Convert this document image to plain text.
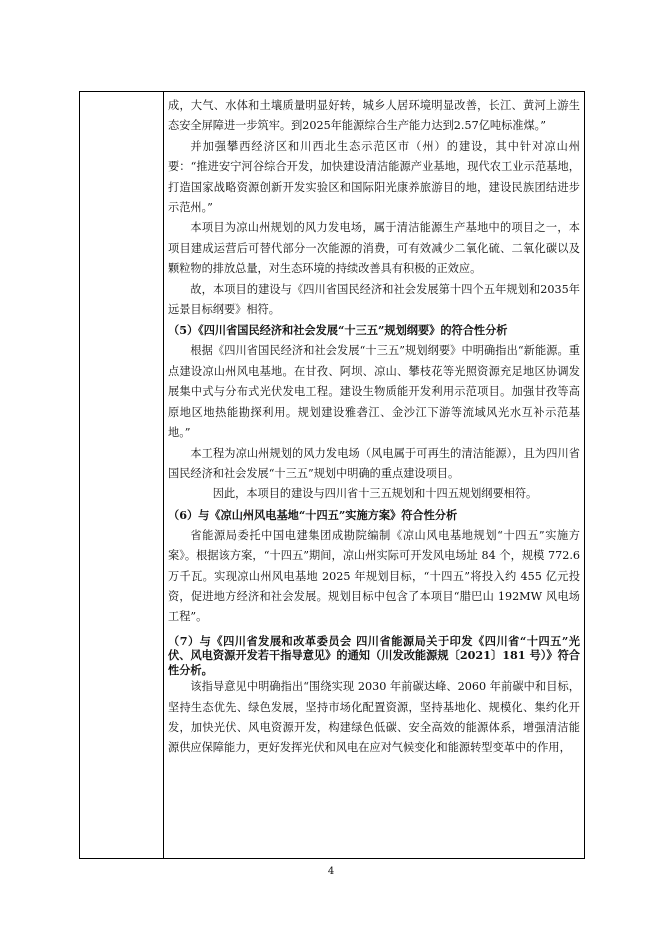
成，大气、水体和土壤质量明显好转，城乡人居环境明显改善，长江、黄河上游生态安全屏障进一步筑牢。到2025年能源综合生产能力达到2.57亿吨标准煤。”

并加强攀西经济区和川西北生态示范区市（州）的建设，其中针对凉山州要：“推进安宁河谷综合开发，加快建设清洁能源产业基地，现代农工业示范基地，打造国家战略资源创新开发实验区和国际阳光康养旅游目的地，建设民族团结进步示范州。”

本项目为凉山州规划的风力发电场，属于清洁能源生产基地中的项目之一，本项目建成运营后可替代部分一次能源的消费，可有效减少二氧化硫、二氧化碳以及颗粒物的排放总量，对生态环境的持续改善具有积极的正效应。

故，本项目的建设与《四川省国民经济和社会发展第十四个五年规划和2035年远景目标纲要》相符。

（5）《四川省国民经济和社会发展“十三五”规划纲要》的符合性分析

根据《四川省国民经济和社会发展“十三五”规划纲要》中明确指出“新能源。重点建设凉山州风电基地。在甘孜、阿坝、凉山、攀枝花等光照资源充足地区协调发展集中式与分布式光伏发电工程。建设生物质能开发利用示范项目。加强甘孜等高原地区地热能勘探利用。规划建设雅砻江、金沙江下游等流域风光水互补示范基地。”

本工程为凉山州规划的风力发电场（风电属于可再生的清洁能源），且为四川省国民经济和社会发展“十三五”规划中明确的重点建设项目。

因此，本项目的建设与四川省十三五规划和十四五规划纲要相符。

（6）与《凉山州风电基地“十四五”实施方案》符合性分析

省能源局委托中国电建集团成勘院编制《凉山风电基地规划“十四五”实施方案》。根据该方案，“十四五”期间，凉山州实际可开发风电场址 84 个，规模 772.6 万千瓦。实现凉山州风电基地 2025 年规划目标，“十四五”将投入约 455 亿元投资，促进地方经济和社会发展。规划目标中包含了本项目“腊巴山 192MW 风电场工程”。

（7）与《四川省发展和改革委员会 四川省能源局关于印发《四川省“十四五”光伏、风电资源开发若干指导意见》的通知（川发改能源规〔2021〕181 号）》符合性分析。

该指导意见中明确指出“围绕实现 2030 年前碳达峰、2060 年前碳中和目标，坚持生态优先、绿色发展，坚持市场化配置资源，坚持基地化、规模化、集约化开发，加快光伏、风电资源开发，构建绿色低碳、安全高效的能源体系，增强清洁能源供应保障能力，更好发挥光伏和风电在应对气候变化和能源转型变革中的作用，

4
